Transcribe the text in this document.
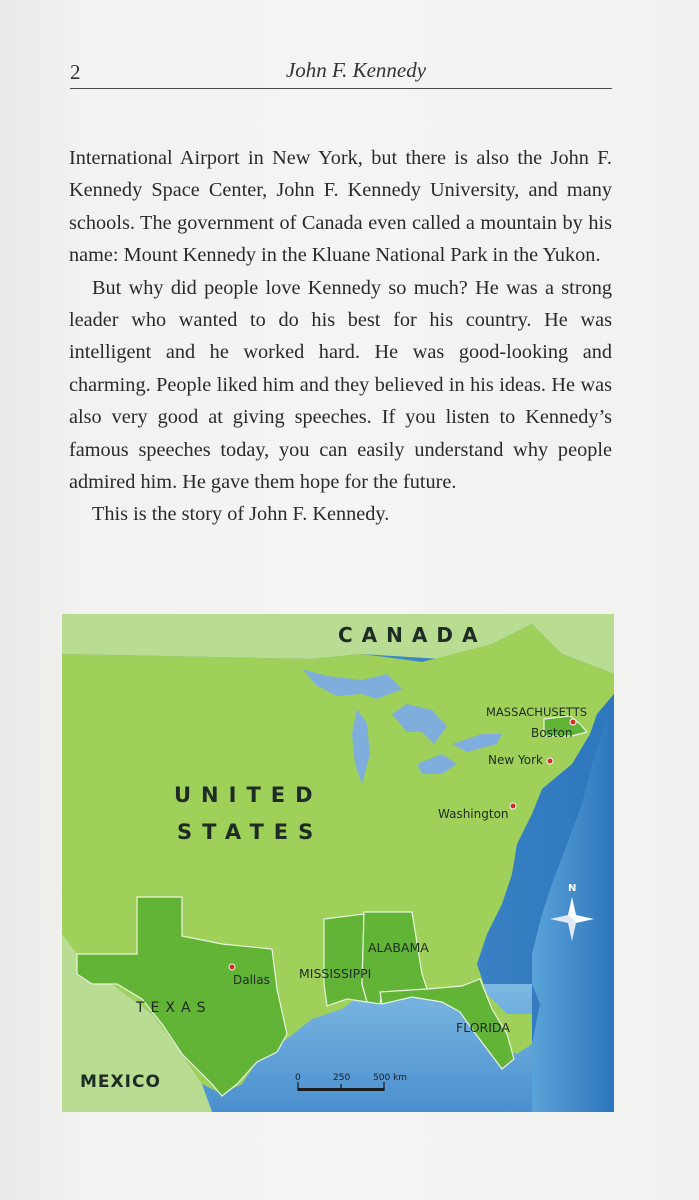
2	John F. Kennedy

International Airport in New York, but there is also the John F. Kennedy Space Center, John F. Kennedy University, and many schools. The government of Canada even called a mountain by his name: Mount Kennedy in the Kluane National Park in the Yukon.

But why did people love Kennedy so much? He was a strong leader who wanted to do his best for his country. He was intelligent and he worked hard. He was good-looking and charming. People liked him and they believed in his ideas. He was also very good at giving speeches. If you listen to Kennedy’s famous speeches today, you can easily understand why people admired him. He gave them hope for the future.

This is the story of John F. Kennedy.

CANADA
UNITED
STATES
MEXICO
MASSACHUSETTS
ALABAMA
MISSISSIPPI
TEXAS
FLORIDA
Boston
New York
Washington
Dallas
N
0	250	500 km
